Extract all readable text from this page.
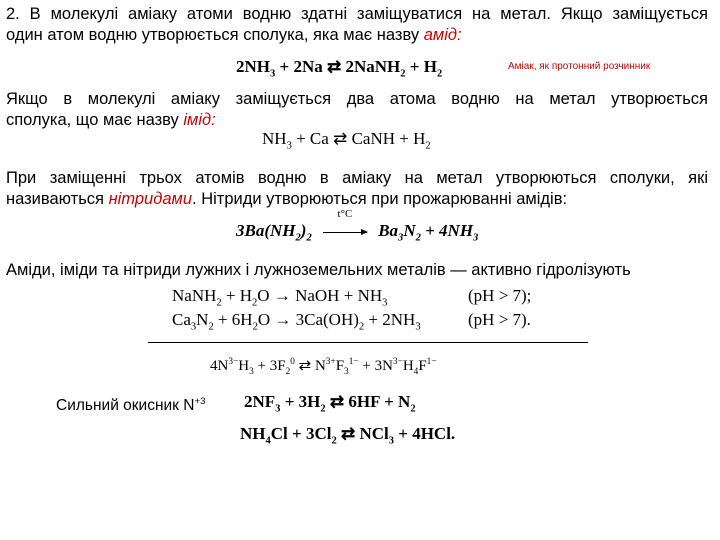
2. В молекулі аміаку атоми водню здатні заміщуватися на метал. Якщо заміщується
один атом водню утворюється сполука, яка має назву амід:
$2NH_3 + 2Na$ ⇄ 2NaNH$_2$ + $H_2$
Аміак, як протонний розчинник
Якщо в молекулі аміаку заміщується два атома водню на метал утворюється
сполука, що має назву імід:
$NH_3 + Ca$ ⇄ CaNH + $H_2$
При заміщенні трьох атомів водню в аміаку на метал утворюються сполуки, які
називаються нітридами. Нітриди утворюються при прожарюванні амідів:
$3Ba(NH_2)_2$
t°C
$Ba_3N_2 + 4NH_3$
Аміди, іміди та нітриди лужних і лужноземельних металів — активно гідролізують
NaNH$_2$ + $H_2O$ → NaOH + $NH_3$	(pH > 7);
$Ca_3N_2 + 6H_2O \to 3Ca(OH)_2 + 2NH_3$	(pH > 7).
$4N^{3-}H_3 + 3F_2^0$ ⇄ $N^{3+}F_3^{1-} + 3N^{3-}H_4F^{1-}$
Сильний окисник $N^{+3}$ $2NF_3 + 3H_2$ ⇄ $6HF + N_2$
$NH_4Cl + 3Cl_2$ ⇄ NCl$_3$ + 4HCl.
